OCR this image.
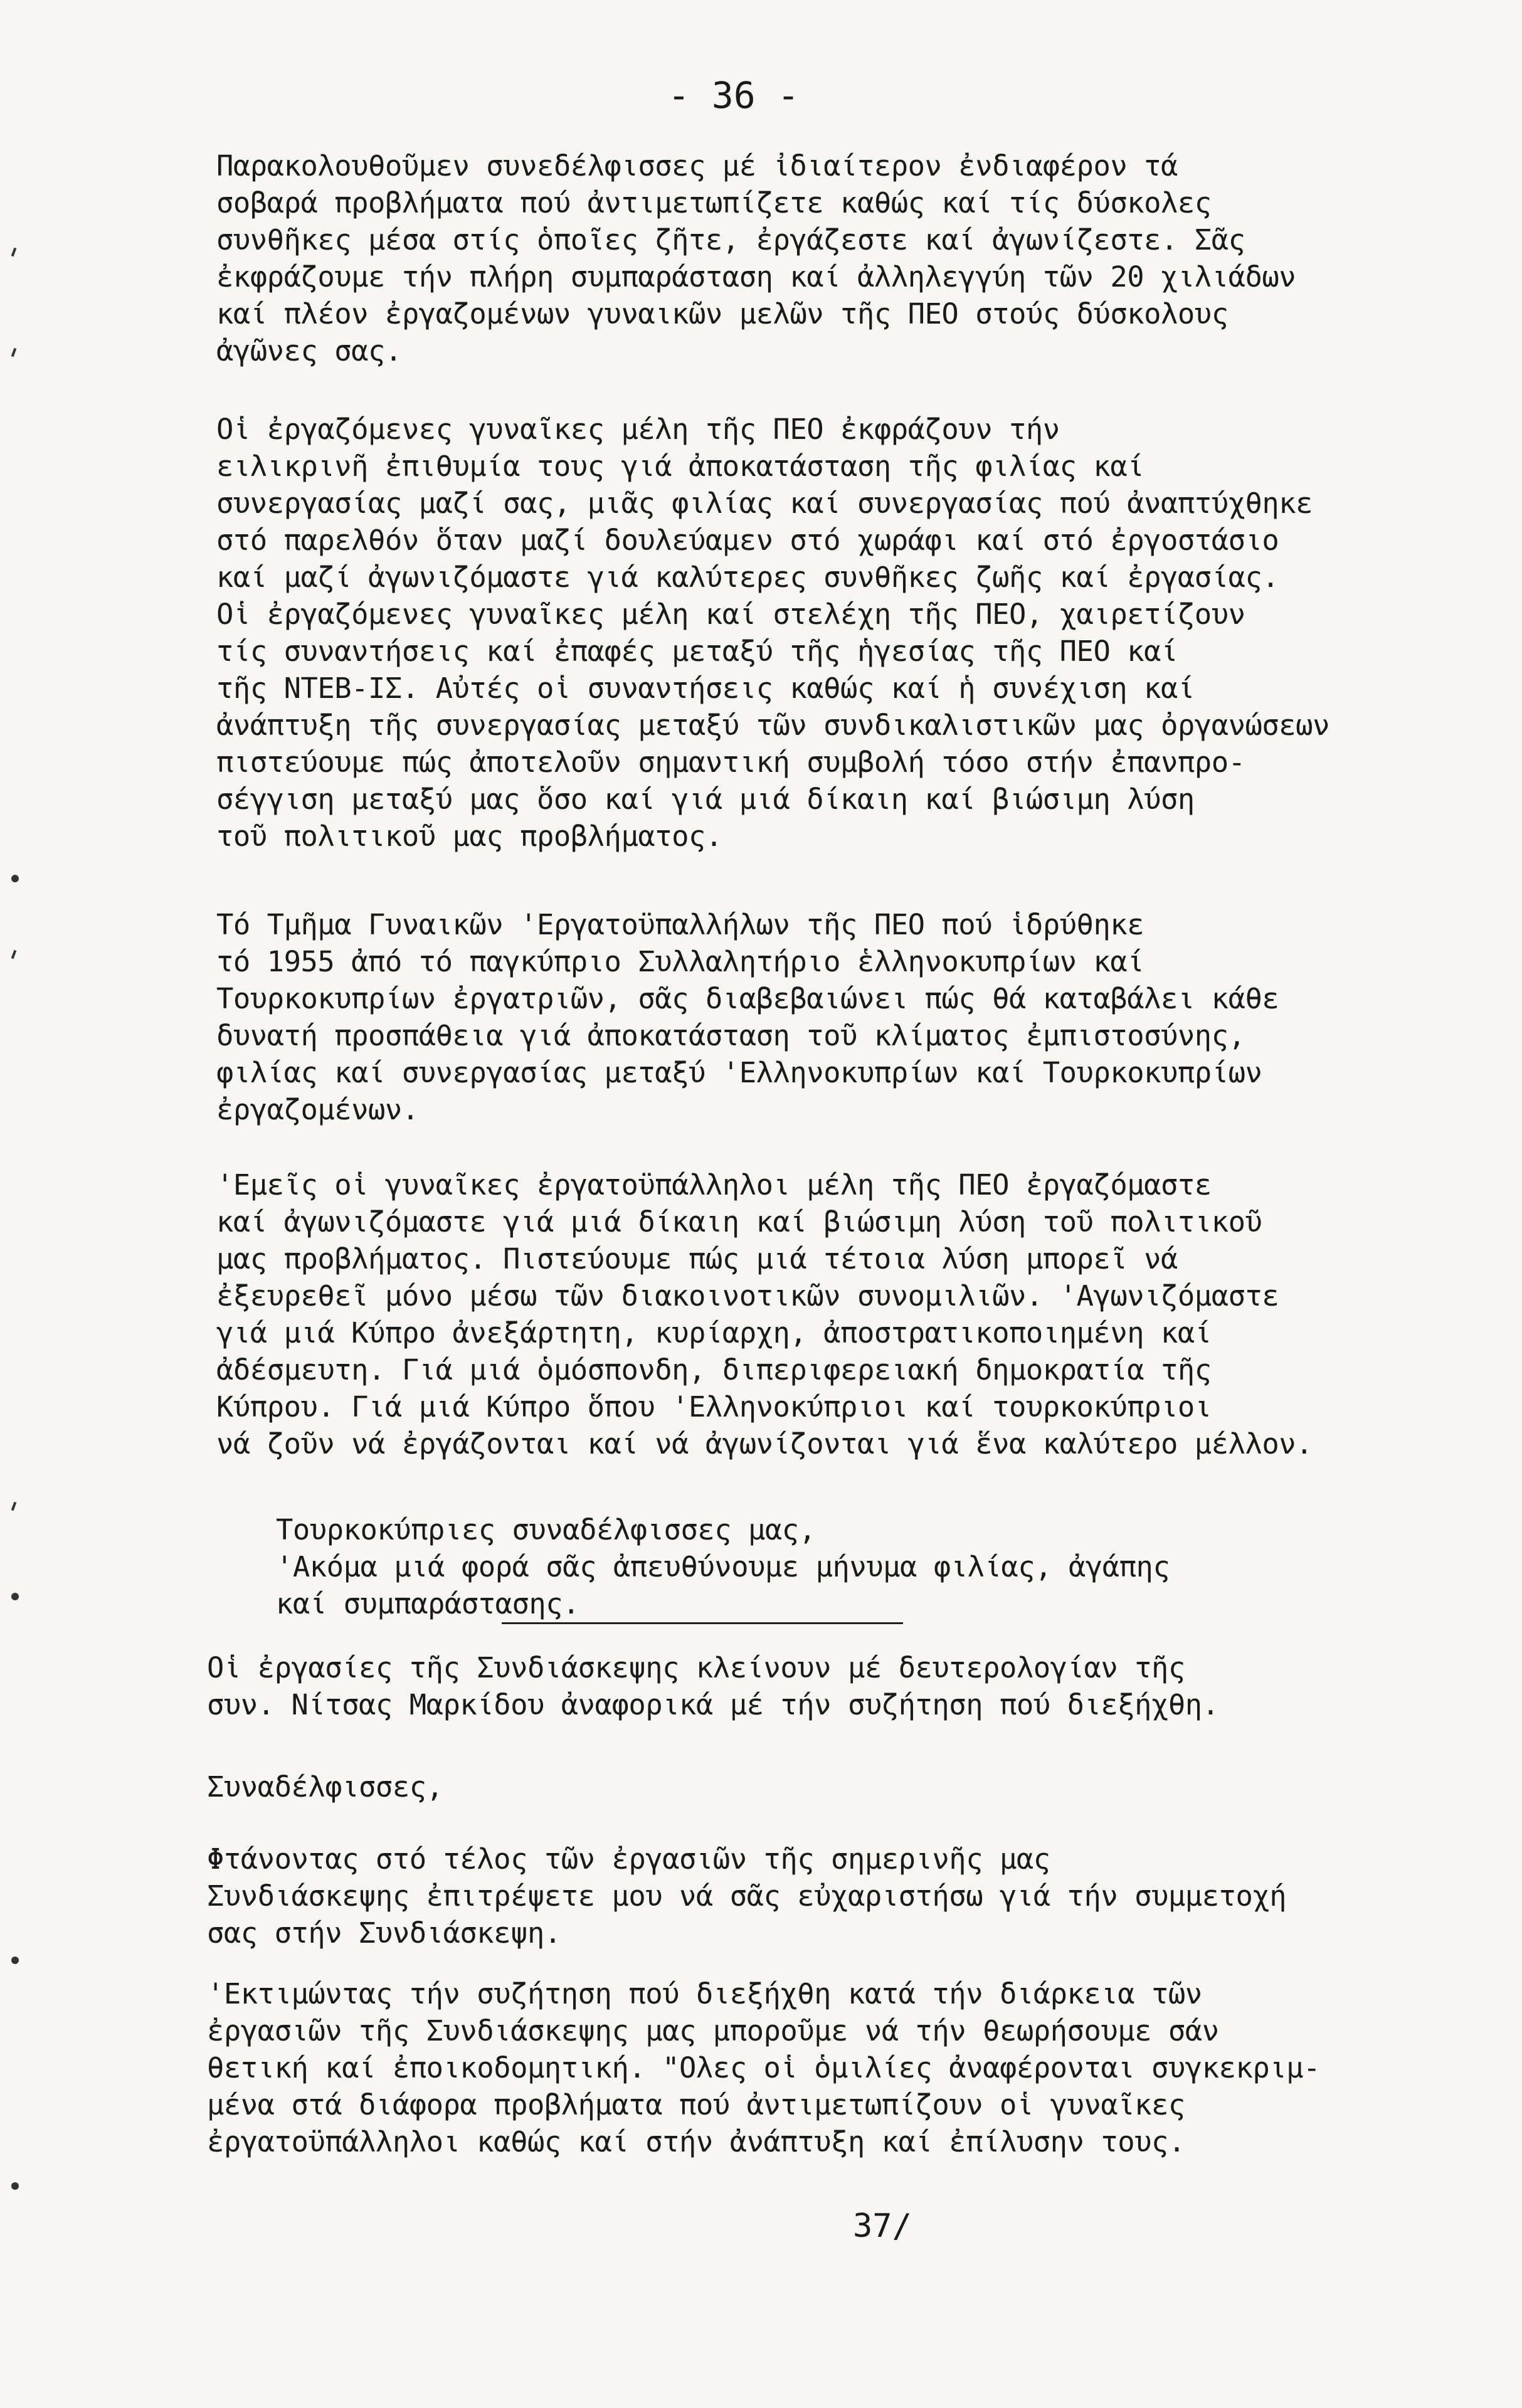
- 36 -
Παρακολουθοῦμεν συνεδέλφισσες μέ ἰδιαίτερον ἐνδιαφέρον τά
σοβαρά προβλήματα πού ἀντιμετωπίζετε καθώς καί τίς δύσκολες
συνθῆκες μέσα στίς ὁποῖες ζῆτε, ἐργάζεστε καί ἀγωνίζεστε. Σᾶς
ἐκφράζουμε τήν πλήρη συμπαράσταση καί ἀλληλεγγύη τῶν 20 χιλιάδων
καί πλέον ἐργαζομένων γυναικῶν μελῶν τῆς ΠΕΟ στούς δύσκολους
ἀγῶνες σας.
Οἱ ἐργαζόμενες γυναῖκες μέλη τῆς ΠΕΟ ἐκφράζουν τήν
ειλικρινῆ ἐπιθυμία τους γιά ἀποκατάσταση τῆς φιλίας καί
συνεργασίας μαζί σας, μιᾶς φιλίας καί συνεργασίας πού ἀναπτύχθηκε
στό παρελθόν ὅταν μαζί δουλεύαμεν στό χωράφι καί στό ἐργοστάσιο
καί μαζί ἀγωνιζόμαστε γιά καλύτερες συνθῆκες ζωῆς καί ἐργασίας.
Οἱ ἐργαζόμενες γυναῖκες μέλη καί στελέχη τῆς ΠΕΟ, χαιρετίζουν
τίς συναντήσεις καί ἐπαφές μεταξύ τῆς ἡγεσίας τῆς ΠΕΟ καί
τῆς ΝΤΕΒ-ΙΣ. Αὐτές οἱ συναντήσεις καθώς καί ἡ συνέχιση καί
ἀνάπτυξη τῆς συνεργασίας μεταξύ τῶν συνδικαλιστικῶν μας ὀργανώσεων
πιστεύουμε πώς ἀποτελοῦν σημαντική συμβολή τόσο στήν ἐπανπρο-
σέγγιση μεταξύ μας ὅσο καί γιά μιά δίκαιη καί βιώσιμη λύση
τοῦ πολιτικοῦ μας προβλήματος.
Τό Τμῆμα Γυναικῶν 'Εργατοϋπαλλήλων τῆς ΠΕΟ πού ἱδρύθηκε
τό 1955 ἀπό τό παγκύπριο Συλλαλητήριο ἑλληνοκυπρίων καί
Τουρκοκυπρίων ἐργατριῶν, σᾶς διαβεβαιώνει πώς θά καταβάλει κάθε
δυνατή προσπάθεια γιά ἀποκατάσταση τοῦ κλίματος ἐμπιστοσύνης,
φιλίας καί συνεργασίας μεταξύ 'Ελληνοκυπρίων καί Τουρκοκυπρίων
ἐργαζομένων.
'Εμεῖς οἱ γυναῖκες ἐργατοϋπάλληλοι μέλη τῆς ΠΕΟ ἐργαζόμαστε
καί ἀγωνιζόμαστε γιά μιά δίκαιη καί βιώσιμη λύση τοῦ πολιτικοῦ
μας προβλήματος. Πιστεύουμε πώς μιά τέτοια λύση μπορεῖ νά
ἐξευρεθεῖ μόνο μέσω τῶν διακοινοτικῶν συνομιλιῶν. 'Αγωνιζόμαστε
γιά μιά Κύπρο ἀνεξάρτητη, κυρίαρχη, ἀποστρατικοποιημένη καί
ἀδέσμευτη. Γιά μιά ὁμόσπονδη, διπεριφερειακή δημοκρατία τῆς
Κύπρου. Γιά μιά Κύπρο ὅπου 'Ελληνοκύπριοι καί τουρκοκύπριοι
νά ζοῦν νά ἐργάζονται καί νά ἀγωνίζονται γιά ἕνα καλύτερο μέλλον.
Τουρκοκύπριες συναδέλφισσες μας,
'Ακόμα μιά φορά σᾶς ἀπευθύνουμε μήνυμα φιλίας, ἀγάπης
καί συμπαράστασης.
Οἱ ἐργασίες τῆς Συνδιάσκεψης κλείνουν μέ δευτερολογίαν τῆς
συν. Νίτσας Μαρκίδου ἀναφορικά μέ τήν συζήτηση πού διεξήχθη.
Συναδέλφισσες,
Φτάνοντας στό τέλος τῶν ἐργασιῶν τῆς σημερινῆς μας
Συνδιάσκεψης ἐπιτρέψετε μου νά σᾶς εὐχαριστήσω γιά τήν συμμετοχή
σας στήν Συνδιάσκεψη.
'Εκτιμώντας τήν συζήτηση πού διεξήχθη κατά τήν διάρκεια τῶν
ἐργασιῶν τῆς Συνδιάσκεψης μας μποροῦμε νά τήν θεωρήσουμε σάν
θετική καί ἐποικοδομητική. "Ολες οἱ ὁμιλίες ἀναφέρονται συγκεκριμ-
μένα στά διάφορα προβλήματα πού ἀντιμετωπίζουν οἱ γυναῖκες
ἐργατοϋπάλληλοι καθώς καί στήν ἀνάπτυξη καί ἐπίλυσην τους.
37/
